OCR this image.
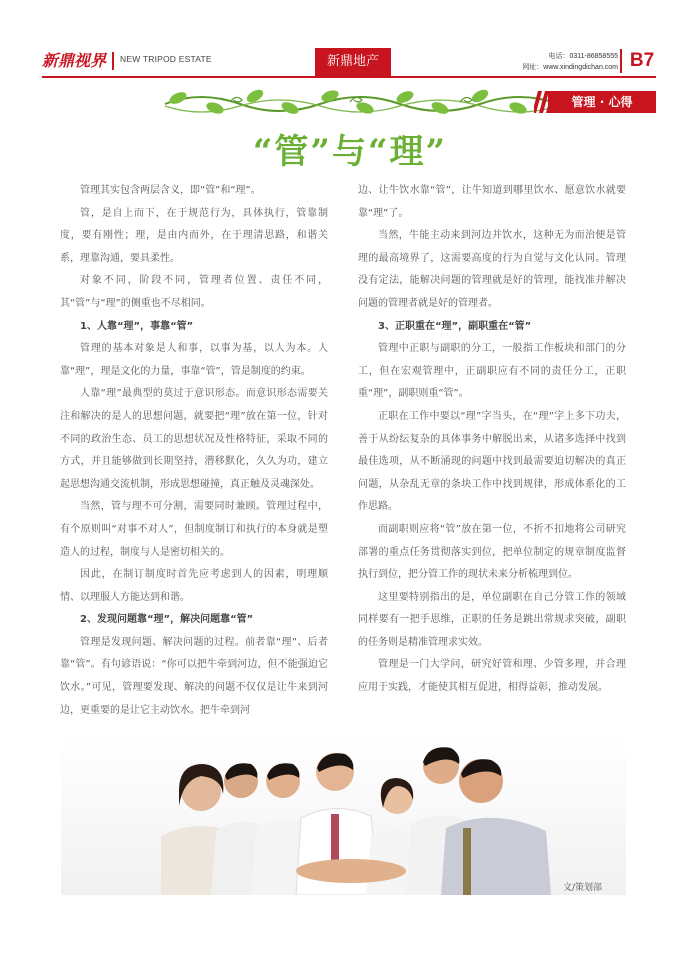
新鼎视界 NEW TRIPOD ESTATE	新鼎地产	电话：0311-86858555
网址：www.xindingdichan.com B7
管理 · 心得
“管”与“理”

管理其实包含两层含义，即“管”和“理”。

管，是自上而下，在于规范行为，具体执行，管靠制度，要有刚性；理，是由内而外，在于理清思路，和谐关系，理靠沟通，要具柔性。

对象不同，阶段不同，管理者位置、责任不同，其“管”与“理”的侧重也不尽相同。

1、人靠“理”，事靠“管”

管理的基本对象是人和事，以事为基，以人为本。人靠“理”，理是文化的力量，事靠“管”，管是制度的约束。

人靠“理”最典型的莫过于意识形态。而意识形态需要关注和解决的是人的思想问题，就要把“理”放在第一位，针对不同的政治生态、员工的思想状况及性格特征，采取不同的方式，并且能够做到长期坚持，潜移默化，久久为功，建立起思想沟通交流机制，形成思想碰撞，真正触及灵魂深处。

当然，管与理不可分割，需要同时兼顾。管理过程中，有个原则叫“对事不对人”，但制度制订和执行的本身就是塑造人的过程，制度与人是密切相关的。

因此，在制订制度时首先应考虑到人的因素，明理顺情、以理服人方能达到和谐。

2、发现问题靠“理”，解决问题靠“管”

管理是发现问题、解决问题的过程。前者靠“理”、后者靠“管”。有句谚语说：“你可以把牛牵到河边，但不能强迫它饮水。”可见，管理要发现、解决的问题不仅仅是让牛来到河边，更重要的是让它主动饮水。把牛牵到河

边、让牛饮水靠“管”，让牛知道到哪里饮水、愿意饮水就要靠“理”了。

当然，牛能主动来到河边并饮水，这种无为而治便是管理的最高境界了，这需要高度的行为自觉与文化认同。管理没有定法，能解决问题的管理就是好的管理，能找准并解决问题的管理者就是好的管理者。

3、正职重在“理”，副职重在“管”

管理中正职与副职的分工，一般指工作板块和部门的分工，但在宏观管理中，正副职应有不同的责任分工，正职重“理”，副职则重“管”。

正职在工作中要以“理”字当头，在“理”字上多下功夫，善于从纷纭复杂的具体事务中解脱出来，从诸多选择中找到最佳选项，从不断涌现的问题中找到最需要迫切解决的真正问题，从杂乱无章的条块工作中找到规律，形成体系化的工作思路。

而副职则应将“管”放在第一位，不折不扣地将公司研究部署的重点任务贯彻落实到位，把单位制定的规章制度监督执行到位，把分管工作的现状未来分析梳理到位。

这里要特别指出的是，单位副职在自己分管工作的领域同样要有一把手思维，正职的任务是跳出常规求突破，副职的任务则是精准管理求实效。

管理是一门大学问，研究好管和理、少管多理，并合理应用于实践，才能使其相互促进，相得益彰，推动发展。

文/策划部
